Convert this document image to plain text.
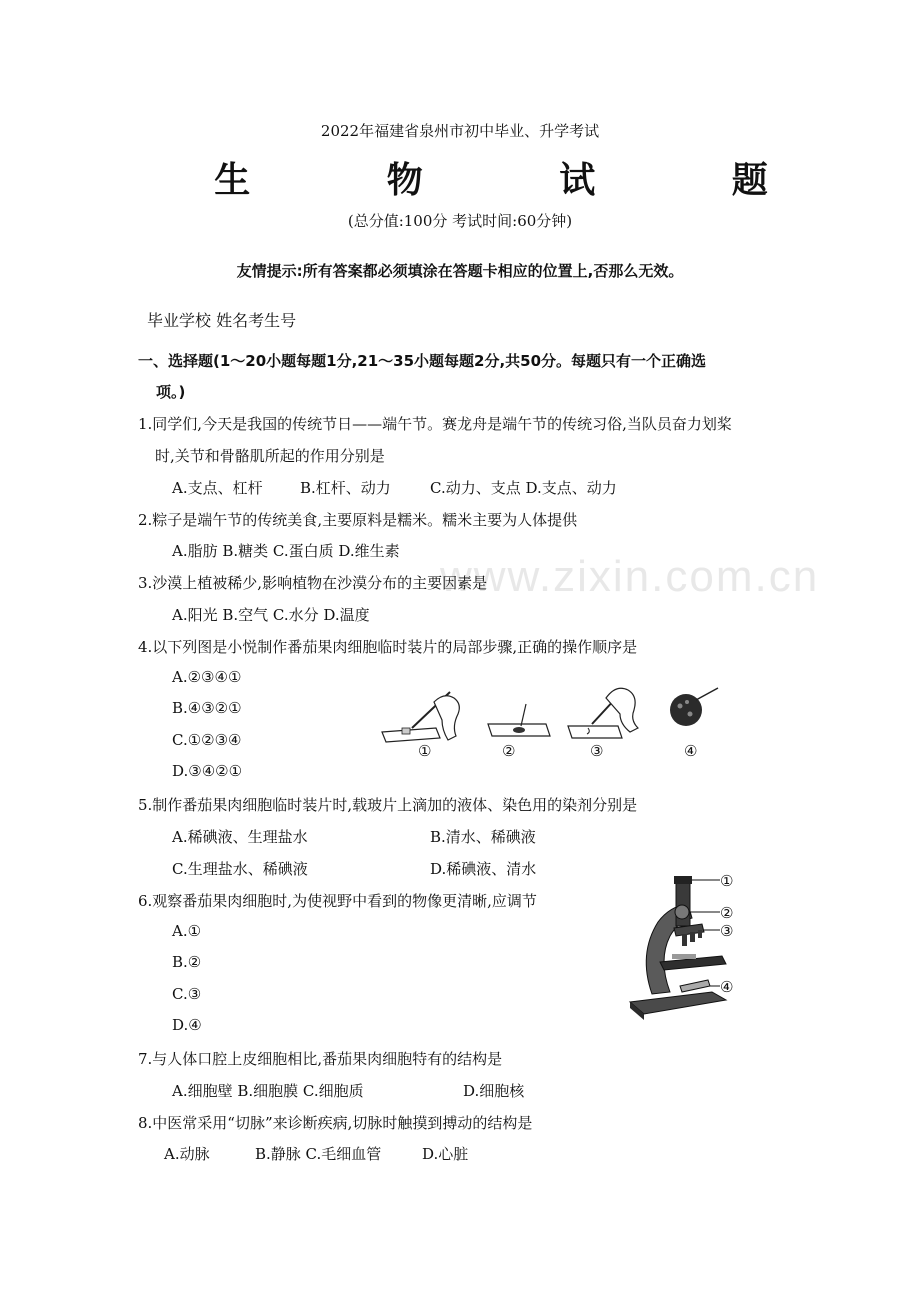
www.zixin.com.cn
2022年福建省泉州市初中毕业、升学考试
生 物 试 题
(总分值:100分 考试时间:60分钟)
友情提示:所有答案都必须填涂在答题卡相应的位置上,否那么无效。
毕业学校 姓名考生号
一、选择题(1～20小题每题1分,21～35小题每题2分,共50分。每题只有一个正确选
项。)
1.同学们,今天是我国的传统节日——端午节。赛龙舟是端午节的传统习俗,当队员奋力划桨
时,关节和骨骼肌所起的作用分别是
A.支点、杠杆 B.杠杆、动力	C.动力、支点 D.支点、动力
2.粽子是端午节的传统美食,主要原料是糯米。糯米主要为人体提供
A.脂肪 B.糖类 C.蛋白质 D.维生素
3.沙漠上植被稀少,影响植物在沙漠分布的主要因素是
A.阳光 B.空气 C.水分 D.温度
4.以下列图是小悦制作番茄果肉细胞临时装片的局部步骤,正确的操作顺序是
A.②③④①
B.④③②①
C.①②③④
D.③④②①
①	②	③	④
5.制作番茄果肉细胞临时装片时,载玻片上滴加的液体、染色用的染剂分别是
A.稀碘液、生理盐水	B.清水、稀碘液
C.生理盐水、稀碘液	D.稀碘液、清水
6.观察番茄果肉细胞时,为使视野中看到的物像更清晰,应调节
A.①
B.②
C.③
D.④
①
②
③
④
7.与人体口腔上皮细胞相比,番茄果肉细胞特有的结构是
A.细胞壁 B.细胞膜 C.细胞质	D.细胞核
8.中医常采用“切脉”来诊断疾病,切脉时触摸到搏动的结构是
A.动脉	B.静脉 C.毛细血管	D.心脏
